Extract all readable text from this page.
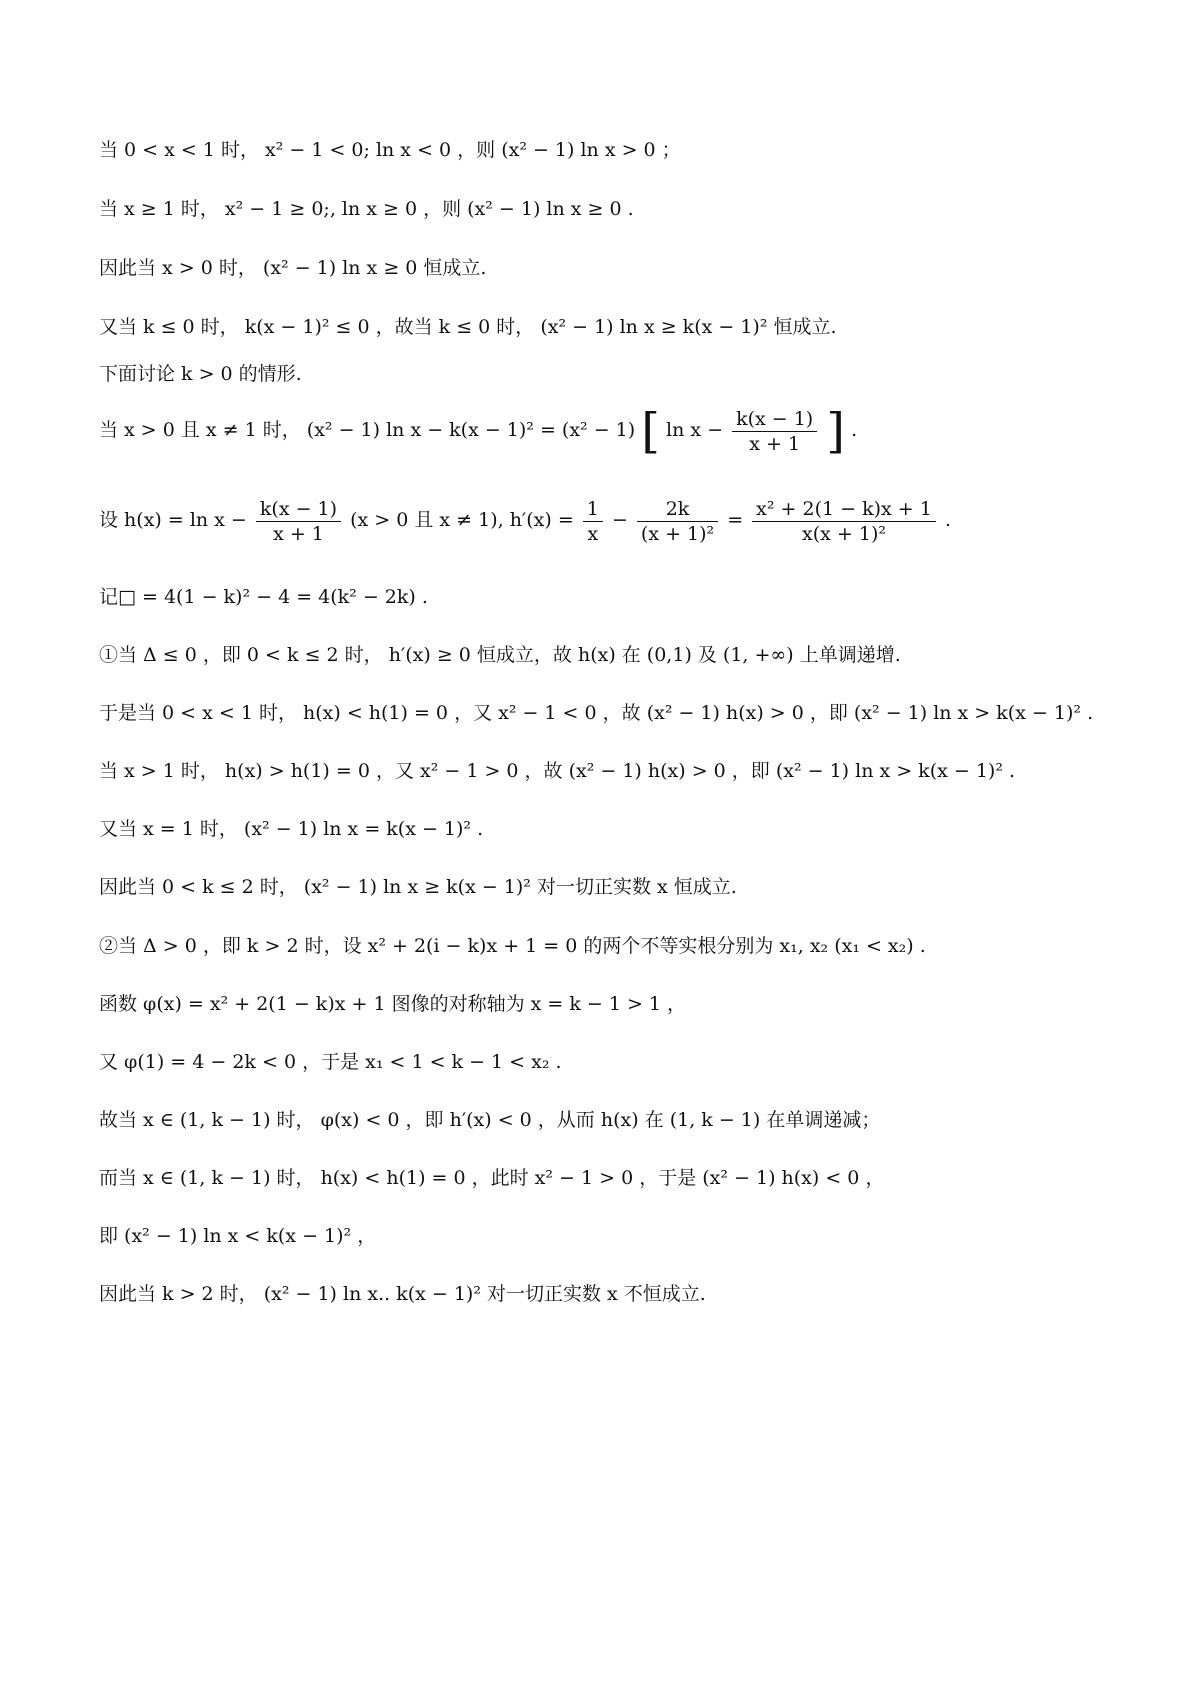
当 0 < x < 1 时， x² − 1 < 0; ln x < 0 ，则 (x² − 1) ln x > 0 ；
当 x ≥ 1 时， x² − 1 ≥ 0;, ln x ≥ 0 ，则 (x² − 1) ln x ≥ 0 .
因此当 x > 0 时， (x² − 1) ln x ≥ 0 恒成立.
又当 k ≤ 0 时， k(x − 1)² ≤ 0 ，故当 k ≤ 0 时， (x² − 1) ln x ≥ k(x − 1)² 恒成立.
下面讨论 k > 0 的情形.
当 x > 0 且 x ≠ 1 时， (x² − 1) ln x − k(x − 1)² = (x² − 1) [ $\ln x - \frac{k(x - 1)}{x + 1}$ ] .
设 $h(x) = \ln x - \frac{k(x - 1)}{x + 1} (x > 0$ 且 x ≠ 1), $h'(x) = \frac{1}{x} - \frac{2k}{\text{(x + 1)²}} = \frac{\text{x² + 2(1 − k)x + 1}}{\text{x(x + 1)²}}$ .
记□ = 4(1 − k)² − 4 = 4(k² − 2k) .
①当 Δ ≤ 0 ，即 0 < k ≤ 2 时， h′(x) ≥ 0 恒成立，故 h(x) 在 (0,1) 及 (1, +∞) 上单调递增.
于是当 0 < x < 1 时， h(x) < h(1) = 0 ，又 x² − 1 < 0 ，故 (x² − 1) h(x) > 0 ，即 (x² − 1) ln x > k(x − 1)² .
当 x > 1 时， h(x) > h(1) = 0 ，又 x² − 1 > 0 ，故 (x² − 1) h(x) > 0 ，即 (x² − 1) ln x > k(x − 1)² .
又当 x = 1 时， (x² − 1) ln x = k(x − 1)² .
因此当 0 < k ≤ 2 时， (x² − 1) ln x ≥ k(x − 1)² 对一切正实数 x 恒成立.
②当 Δ > 0 ，即 k > 2 时，设 x² + 2(i − k)x + 1 = 0 的两个不等实根分别为 x₁, x₂ (x₁ < x₂) .
函数 φ(x) = x² + 2(1 − k)x + 1 图像的对称轴为 x = k − 1 > 1 ，
又 φ(1) = 4 − 2k < 0 ，于是 x₁ < 1 < k − 1 < x₂ .
故当 x ∈ (1, k − 1) 时， φ(x) < 0 ，即 h′(x) < 0 ，从而 h(x) 在 (1, k − 1) 在单调递减；
而当 x ∈ (1, k − 1) 时， h(x) < h(1) = 0 ，此时 x² − 1 > 0 ，于是 (x² − 1) h(x) < 0 ，
即 (x² − 1) ln x < k(x − 1)² ，
因此当 k > 2 时， (x² − 1) ln x.. k(x − 1)² 对一切正实数 x 不恒成立.
